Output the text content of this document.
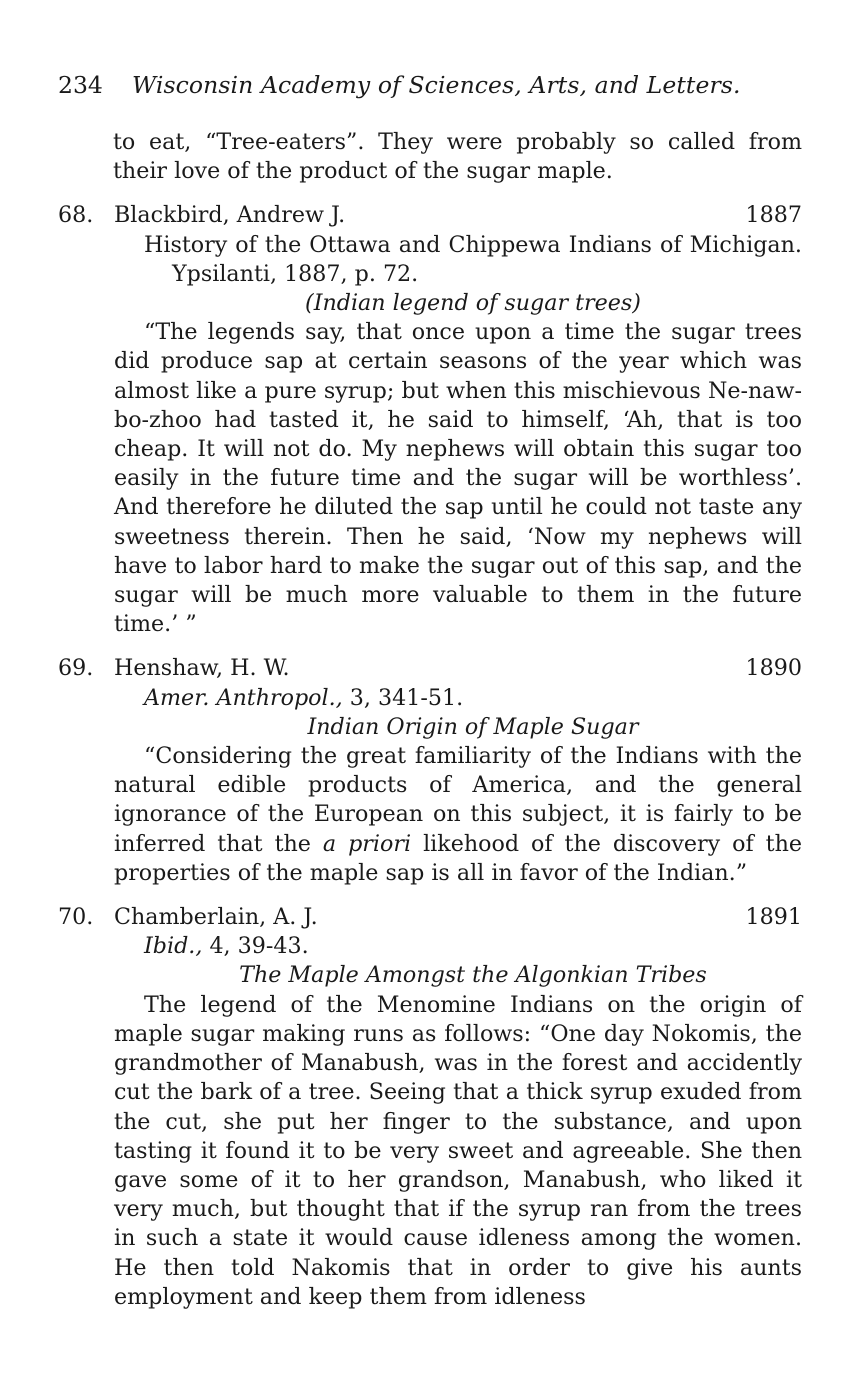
234 Wisconsin Academy of Sciences, Arts, and Letters.
to eat, “Tree-eaters”. They were probably so called from their love of the product of the sugar maple.
68. Blackbird, Andrew J.	1887
History of the Ottawa and Chippewa Indians of Michigan. Ypsilanti, 1887, p. 72.
(Indian legend of sugar trees)
“The legends say, that once upon a time the sugar trees did produce sap at certain seasons of the year which was almost like a pure syrup; but when this mischievous Ne-naw-bo-zhoo had tasted it, he said to himself, ‘Ah, that is too cheap. It will not do. My nephews will obtain this sugar too easily in the future time and the sugar will be worthless’. And therefore he diluted the sap until he could not taste any sweetness therein. Then he said, ‘Now my nephews will have to labor hard to make the sugar out of this sap, and the sugar will be much more valuable to them in the future time.’ ”
69. Henshaw, H. W.	1890
Amer. Anthropol., 3, 341-51.
Indian Origin of Maple Sugar
“Considering the great familiarity of the Indians with the natural edible products of America, and the general ignorance of the European on this subject, it is fairly to be inferred that the a priori likehood of the discovery of the properties of the maple sap is all in favor of the Indian.”
70. Chamberlain, A. J.	1891
Ibid., 4, 39-43.
The Maple Amongst the Algonkian Tribes
The legend of the Menomine Indians on the origin of maple sugar making runs as follows: “One day Nokomis, the grandmother of Manabush, was in the forest and accidently cut the bark of a tree. Seeing that a thick syrup exuded from the cut, she put her finger to the substance, and upon tasting it found it to be very sweet and agreeable. She then gave some of it to her grandson, Manabush, who liked it very much, but thought that if the syrup ran from the trees in such a state it would cause idleness among the women. He then told Nakomis that in order to give his aunts employment and keep them from idleness
